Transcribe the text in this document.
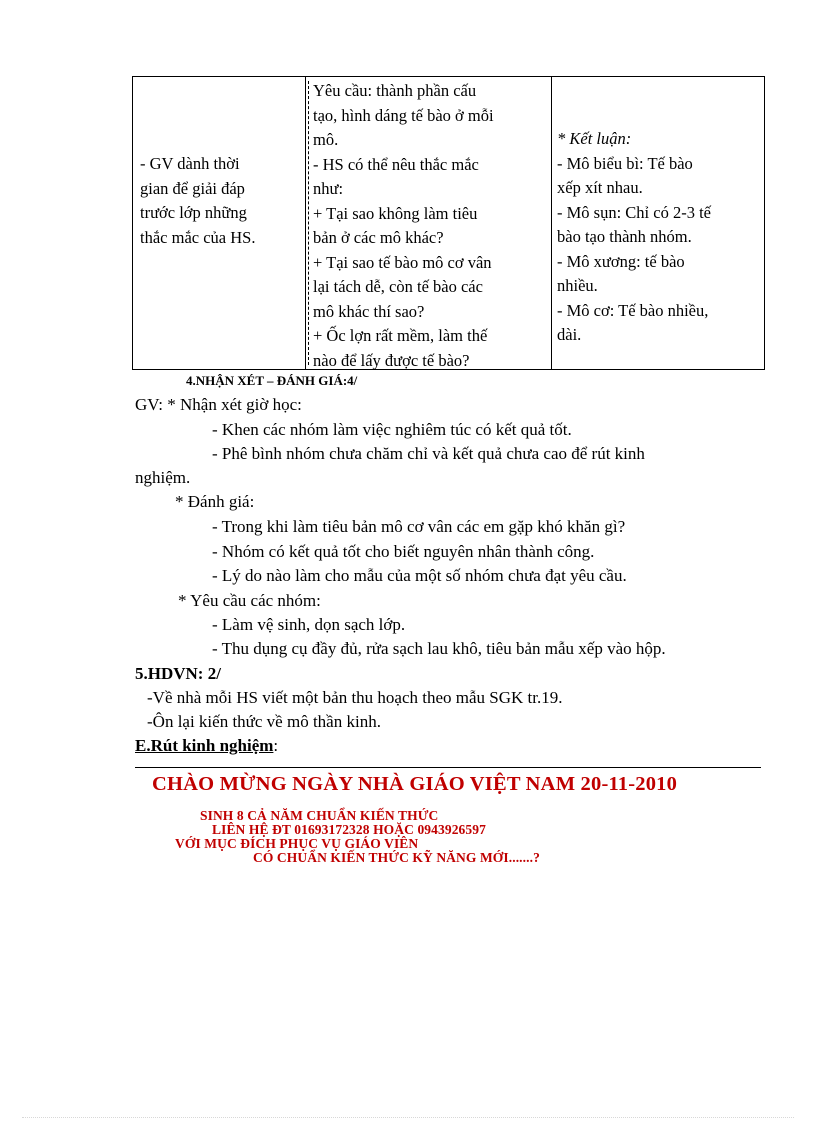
- GV dành thời
gian để giải đáp
trước lớp những
thắc mắc của HS.
Yêu cầu: thành phần cấu
tạo, hình dáng tế bào ở mỗi
mô.
- HS có thể nêu thắc mắc
như:
+ Tại sao không làm tiêu
bản ở các mô khác?
+ Tại sao tế bào mô cơ vân
lại tách dễ, còn tế bào các
mô khác thí sao?
+ Ốc lợn rất mềm, làm thế
nào để lấy được tế bào?
* Kết luận:
- Mô biểu bì: Tế bào
xếp xít nhau.
- Mô sụn: Chỉ có 2-3 tế
bào tạo thành nhóm.
- Mô xương: tế bào
nhiều.
- Mô cơ: Tế bào nhiều,
dài.
4.NHẬN XÉT – ĐÁNH GIÁ:4/
GV: * Nhận xét giờ học:
- Khen các nhóm làm việc nghiêm túc có kết quả tốt.
- Phê bình nhóm chưa chăm chỉ và kết quả chưa cao để rút kinh
nghiệm.
* Đánh giá:
- Trong khi làm tiêu bản mô cơ vân các em gặp khó khăn gì?
- Nhóm có kết quả tốt cho biết nguyên nhân thành công.
- Lý do nào làm cho mẫu của một số nhóm chưa đạt yêu cầu.
* Yêu cầu các nhóm:
- Làm vệ sinh, dọn sạch lớp.
- Thu dụng cụ đầy đủ, rửa sạch lau khô, tiêu bản mẫu xếp vào hộp.
5.HDVN: 2/
-Về nhà mỗi HS viết một bản thu hoạch theo mẫu SGK tr.19.
-Ôn lại kiến thức về mô thần kinh.
E.Rút kinh nghiệm:
CHÀO MỪNG NGÀY NHÀ GIÁO VIỆT NAM 20-11-2010
SINH 8 CẢ NĂM CHUẨN KIẾN THỨC
LIÊN HỆ ĐT 01693172328 HOẶC 0943926597
VỚI MỤC ĐÍCH PHỤC VỤ GIÁO VIÊN
CÓ CHUẨN KIẾN THỨC KỸ NĂNG MỚI.......?
